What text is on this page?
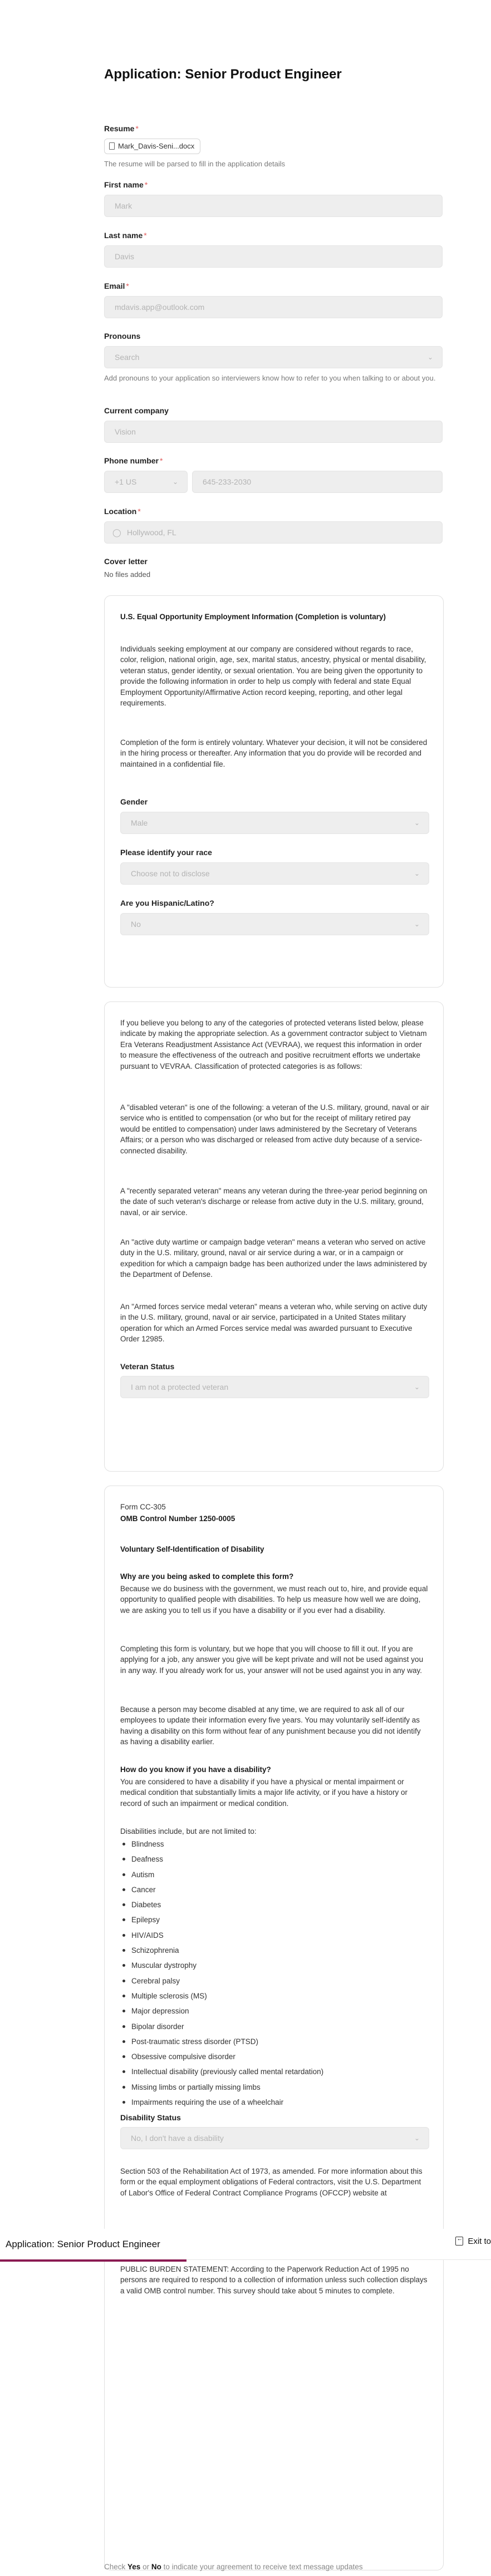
Application: Senior Product Engineer
Resume *
Mark_Davis-Seni...docx
The resume will be parsed to fill in the application details
First name *
Mark
Last name *
Davis
Email *
mdavis.app@outlook.com
Pronouns
Search	⌄
Add pronouns to your application so interviewers know how to refer to you when talking to or about you.
Current company
Vision
Phone number *
+1 US	⌄	645-233-2030
Location *
◯ Hollywood, FL
Cover letter
No files added
U.S. Equal Opportunity Employment Information (Completion is voluntary)
Individuals seeking employment at our company are considered without regards to race, color, religion, national origin, age, sex, marital status, ancestry, physical or mental disability, veteran status, gender identity, or sexual orientation. You are being given the opportunity to provide the following information in order to help us comply with federal and state Equal Employment Opportunity/Affirmative Action record keeping, reporting, and other legal requirements.
Completion of the form is entirely voluntary. Whatever your decision, it will not be considered in the hiring process or thereafter. Any information that you do provide will be recorded and maintained in a confidential file.
Gender
Male	⌄
Please identify your race
Choose not to disclose	⌄
Are you Hispanic/Latino?
No	⌄
If you believe you belong to any of the categories of protected veterans listed below, please indicate by making the appropriate selection. As a government contractor subject to Vietnam Era Veterans Readjustment Assistance Act (VEVRAA), we request this information in order to measure the effectiveness of the outreach and positive recruitment efforts we undertake pursuant to VEVRAA. Classification of protected categories is as follows:
A "disabled veteran" is one of the following: a veteran of the U.S. military, ground, naval or air service who is entitled to compensation (or who but for the receipt of military retired pay would be entitled to compensation) under laws administered by the Secretary of Veterans Affairs; or a person who was discharged or released from active duty because of a service-connected disability.
A "recently separated veteran" means any veteran during the three-year period beginning on the date of such veteran's discharge or release from active duty in the U.S. military, ground, naval, or air service.
An "active duty wartime or campaign badge veteran" means a veteran who served on active duty in the U.S. military, ground, naval or air service during a war, or in a campaign or expedition for which a campaign badge has been authorized under the laws administered by the Department of Defense.
An "Armed forces service medal veteran" means a veteran who, while serving on active duty in the U.S. military, ground, naval or air service, participated in a United States military operation for which an Armed Forces service medal was awarded pursuant to Executive Order 12985.
Veteran Status
I am not a protected veteran	⌄
Form CC-305
OMB Control Number 1250-0005
Voluntary Self-Identification of Disability
Why are you being asked to complete this form?
Because we do business with the government, we must reach out to, hire, and provide equal opportunity to qualified people with disabilities. To help us measure how well we are doing, we are asking you to tell us if you have a disability or if you ever had a disability.
Completing this form is voluntary, but we hope that you will choose to fill it out. If you are applying for a job, any answer you give will be kept private and will not be used against you in any way. If you already work for us, your answer will not be used against you in any way.
Because a person may become disabled at any time, we are required to ask all of our employees to update their information every five years. You may voluntarily self-identify as having a disability on this form without fear of any punishment because you did not identify as having a disability earlier.
How do you know if you have a disability?
You are considered to have a disability if you have a physical or mental impairment or medical condition that substantially limits a major life activity, or if you have a history or record of such an impairment or medical condition.
Disabilities include, but are not limited to:
Blindness
Deafness
Autism
Cancer
Diabetes
Epilepsy
HIV/AIDS
Schizophrenia
Muscular dystrophy
Cerebral palsy
Multiple sclerosis (MS)
Major depression
Bipolar disorder
Post-traumatic stress disorder (PTSD)
Obsessive compulsive disorder
Intellectual disability (previously called mental retardation)
Missing limbs or partially missing limbs
Impairments requiring the use of a wheelchair
Disability Status
No, I don't have a disability	⌄
Section 503 of the Rehabilitation Act of 1973, as amended. For more information about this form or the equal employment obligations of Federal contractors, visit the U.S. Department of Labor's Office of Federal Contract Compliance Programs (OFCCP) website at
PUBLIC BURDEN STATEMENT: According to the Paperwork Reduction Act of 1995 no persons are required to respond to a collection of information unless such collection displays a valid OMB control number. This survey should take about 5 minutes to complete.
Application: Senior Product Engineer
←	Exit to
Check Yes or No to indicate your agreement to receive text message updates
